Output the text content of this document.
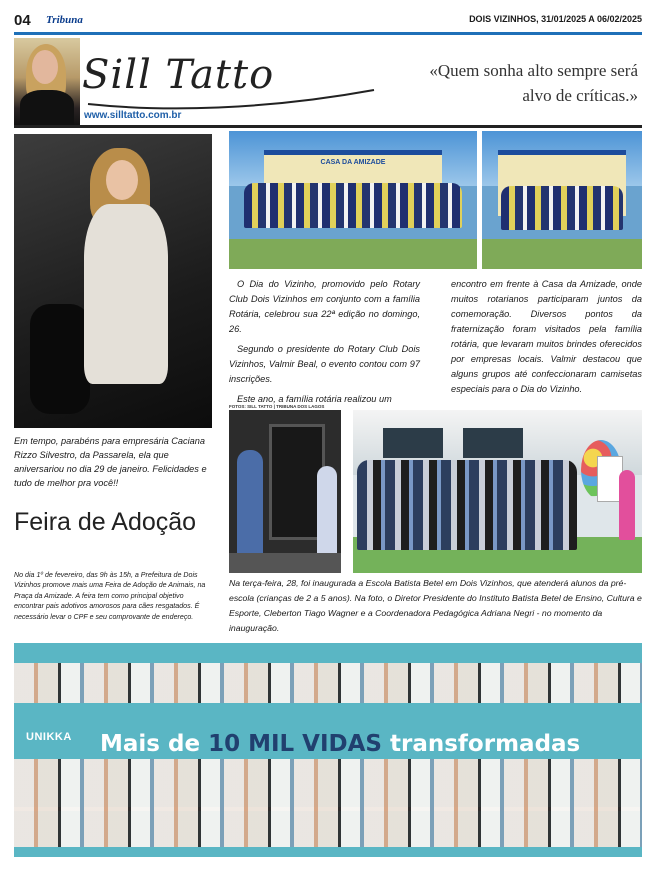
04 Tribuna	DOIS VIZINHOS, 31/01/2025 A 06/02/2025
Sill Tatto
www.silltatto.com.br
«Quem sonha alto sempre será alvo de críticas.»
Em tempo, parabéns para empresária Caciana Rizzo Silvestro, da Passarela, ela que aniversariou no dia 29 de janeiro. Felicidades e tudo de melhor pra você!!
Feira de Adoção
No dia 1º de fevereiro, das 9h às 15h, a Prefeitura de Dois Vizinhos promove mais uma Feira de Adoção de Animais, na Praça da Amizade. A feira tem como principal objetivo encontrar pais adotivos amorosos para cães resgatados. É necessário levar o CPF e seu comprovante de endereço.
CASA DA AMIZADE

O Dia do Vizinho, promovido pelo Rotary Club Dois Vizinhos em conjunto com a família Rotária, celebrou sua 22ª edição no domingo, 26.

Segundo o presidente do Rotary Club Dois Vizinhos, Valmir Beal, o evento contou com 97 inscrições.

Este ano, a família rotária realizou um

encontro em frente à Casa da Amizade, onde muitos rotarianos participaram juntos da comemoração. Diversos pontos da fraternização foram visitados pela família rotária, que levaram muitos brindes oferecidos por empresas locais. Valmir destacou que alguns grupos até confeccionaram camisetas especiais para o Dia do Vizinho.

FOTOS: SILL TATTO | TRIBUNA DOS LAGOS
Na terça-feira, 28, foi inaugurada a Escola Batista Betel em Dois Vizinhos, que atenderá alunos da pré-escola (crianças de 2 a 5 anos). Na foto, o Diretor Presidente do Instituto Batista Betel de Ensino, Cultura e Esporte, Cleberton Tiago Wagner e a Coordenadora Pedagógica Adriana Negri - no momento da inauguração.
UNIKKA Mais de 10 MIL VIDAS transformadas
